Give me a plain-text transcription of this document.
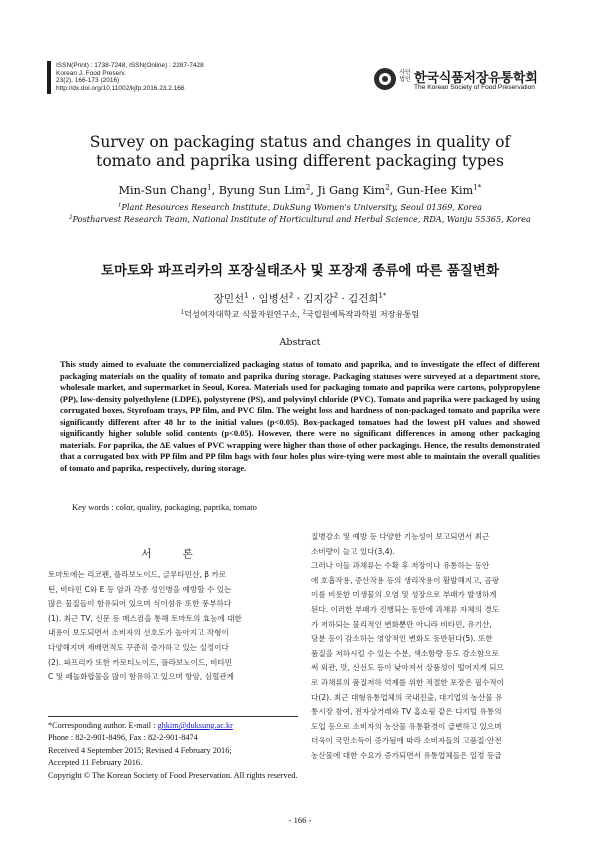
ISSN(Print) : 1738-7248, ISSN(Online) : 2287-7428
Korean J. Food Preserv.
23(2), 166-173 (2016)
http://dx.doi.org/10.11002/kjfp.2016.23.2.166
사단
법인 한국식품저장유통학회
The Korean Society of Food Preservation
Survey on packaging status and changes in quality of
tomato and paprika using different packaging types
Min-Sun Chang$^1$, Byung Sun Lim$^2$, Ji Gang Kim$^2$, Gun-Hee Kim$^{1*}$
$^1$Plant Resources Research Institute, DukSung Women's University, Seoul 01369, Korea
$^2$Postharvest Research Team, National Institute of Horticultural and Herbal Science, RDA, Wanju 55365, Korea
토마토와 파프리카의 포장실태조사 및 포장재 종류에 따른 품질변화
장민선$^1$ · 임병선$^2$ · 김지강$^2$ · 김건희$^{1*}$
$^1$덕성여자대학교 식물자원연구소, $^2$국립원예특작과학원 저장유통팀
Abstract
This study aimed to evaluate the commercialized packaging status of tomato and paprika, and to investigate the effect of different packaging materials on the quality of tomato and paprika during storage. Packaging statuses were surveyed at a department store, wholesale market, and supermarket in Seoul, Korea. Materials used for packaging tomato and paprika were cartons, polypropylene (PP), low-density polyethylene (LDPE), polystyrene (PS), and polyvinyl chloride (PVC). Tomato and paprika were packaged by using corrugated boxes, Styrofoam trays, PP film, and PVC film. The weight loss and hardness of non-packaged tomato and paprika were significantly different after 48 hr to the initial values (p<0.05). Box-packaged tomatoes had the lowest pH values and showed significantly higher soluble solid contents (p<0.05). However, there were no significant differences in among other packaging materials. For paprika, the ΔE values of PVC wrapping were higher than those of other packagings. Hence, the results demonstrated that a corrugated box with PP film and PP film bags with four holes plus wire-tying were most able to maintain the overall qualities of tomato and paprika, respectively, during storage.
Key words : color, quality, packaging, paprika, tomato
서 론
토마토에는 리코펜, 플라보노이드, 글루타민산, β 카로
틴, 비타민 C와 E 등 암과 각종 성인병을 예방할 수 있는
많은 물질들이 함유되어 있으며 식이섬유 또한 풍부하다
(1). 최근 TV, 신문 등 매스컴을 통해 토마토의 효능에 대한
내용이 보도되면서 소비자의 선호도가 높아지고 작형이
다양해지며 재배면적도 꾸준히 증가하고 있는 실정이다
(2). 파프리카 또한 카로티노이드, 플라보노이드, 비타민
C 및 페놀화합물을 많이 함유하고 있으며 항암, 심혈관계
질병감소 및 예방 등 다양한 기능성이 보고되면서 최근
소비량이 늘고 있다(3,4).
그러나 이들 과채류는 수확 후 저장이나 유통하는 동안
에 호흡작용, 증산작용 등의 생리작용이 활발해지고, 곰팡
이를 비롯한 미생물의 오염 및 성장으로 부패가 발생하게
된다. 이러한 부패가 진행되는 동안에 과채류 자체의 경도
가 저하되는 물리적인 변화뿐만 아니라 비타민, 유기산,
당분 등이 감소하는 영양적인 변화도 동반된다(5). 또한
품질을 저하시킬 수 있는 수분, 색소함량 등도 감소함으로
써 외관, 맛, 신선도 등이 낮아져서 상품성이 떨어지게 되므
로 과채류의 품질저하 억제를 위한 적절한 포장은 필수적이
다(2). 최근 대형유통업체의 국내진출, 대기업의 농산물 유
통시장 참여, 전자상거래와 TV 홈쇼핑 같은 디지털 유통의
도입 등으로 소비자의 농산물 유통환경이 급변하고 있으며
더욱이 국민소득이 증가됨에 따라 소비자들의 고품질·안전
농산물에 대한 수요가 증가되면서 유통업체들은 일정 등급
*Corresponding author. E-mail : ghkim@duksung.ac.kr
Phone : 82-2-901-8496, Fax : 82-2-901-8474
Received 4 September 2015; Revised 4 February 2016;
Accepted 11 February 2016.
Copyright © The Korean Society of Food Preservation. All rights reserved.
- 166 -
